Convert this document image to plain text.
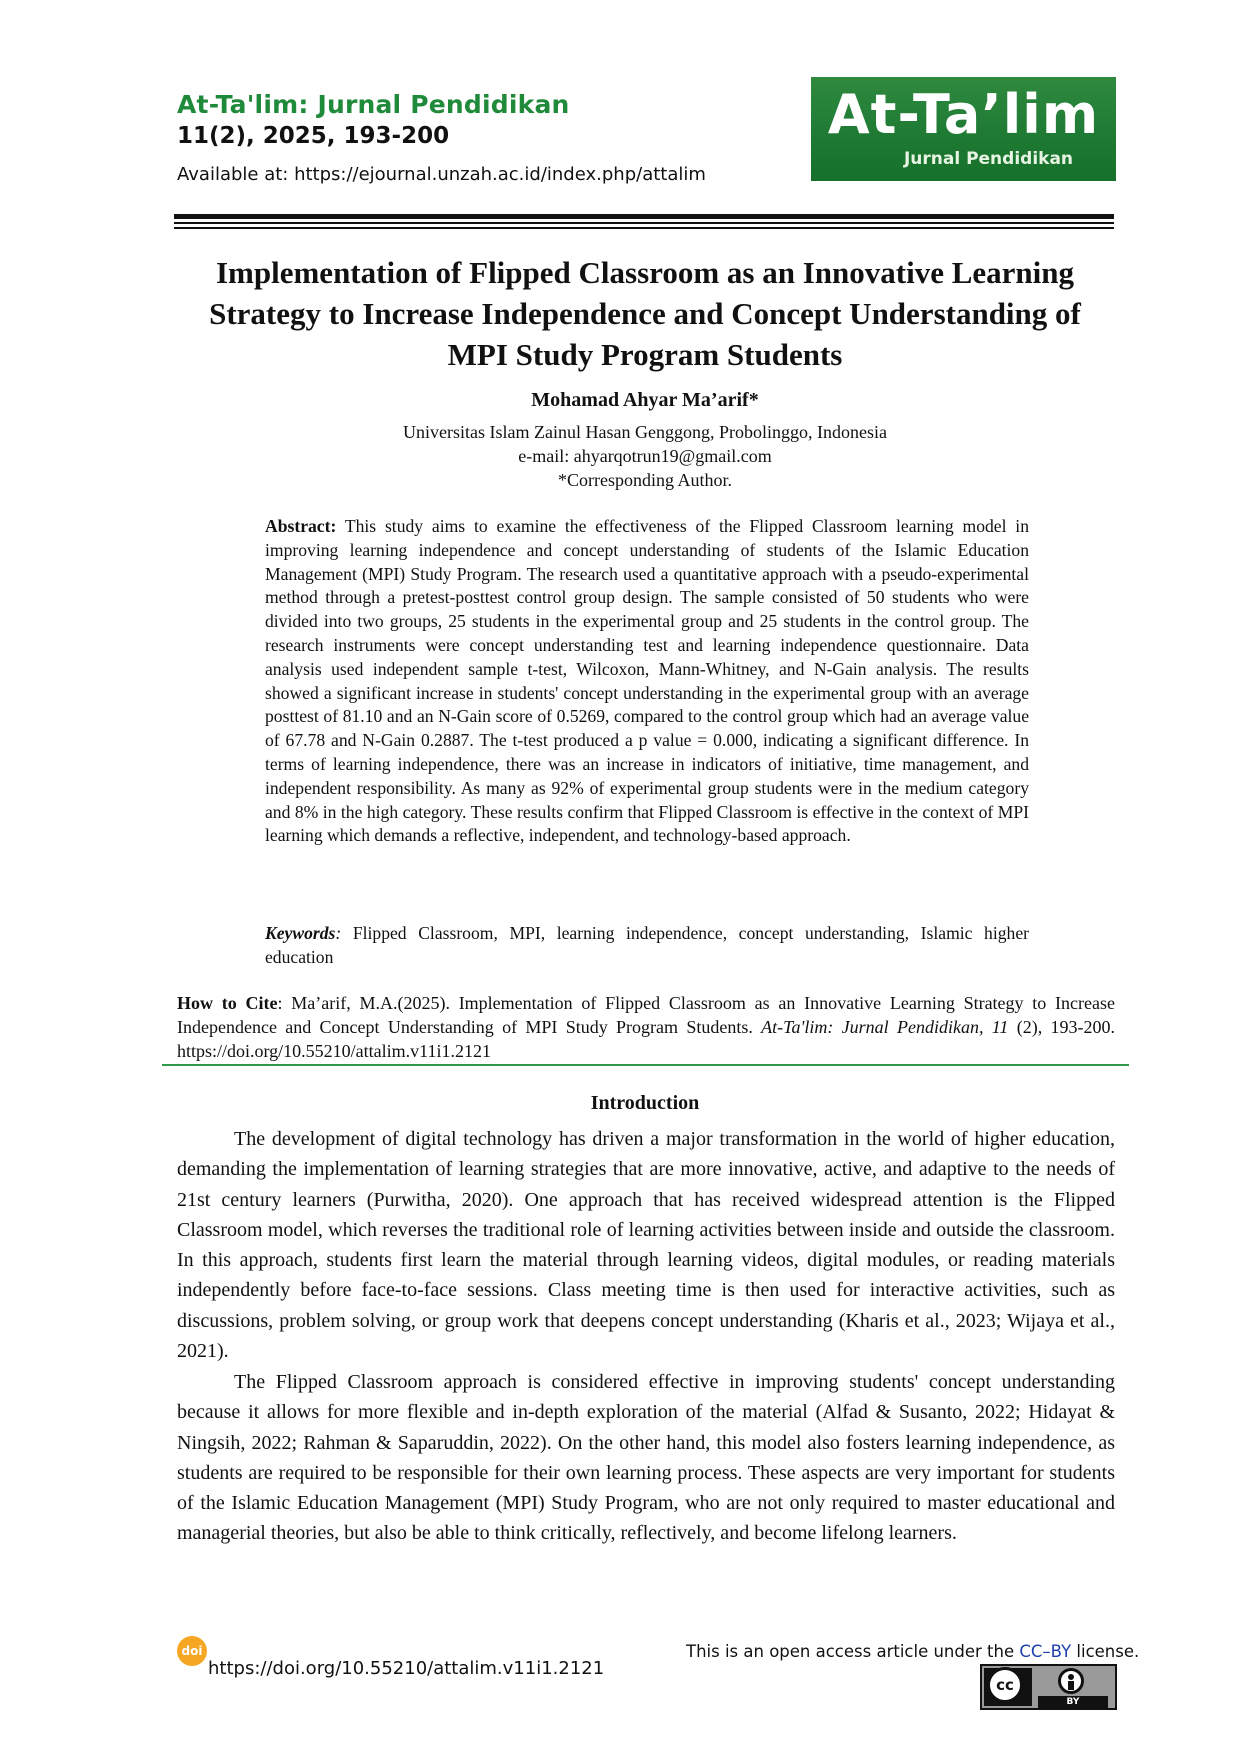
At-Ta'lim: Jurnal Pendidikan
11(2), 2025, 193-200
Available at: https://ejournal.unzah.ac.id/index.php/attalim
At-Ta’lim
Jurnal Pendidikan
Implementation of Flipped Classroom as an Innovative Learning
Strategy to Increase Independence and Concept Understanding of
MPI Study Program Students
Mohamad Ahyar Ma’arif*
Universitas Islam Zainul Hasan Genggong, Probolinggo, Indonesia
e-mail: ahyarqotrun19@gmail.com
*Corresponding Author.
Abstract: This study aims to examine the effectiveness of the Flipped Classroom learning model in improving learning independence and concept understanding of students of the Islamic Education Management (MPI) Study Program. The research used a quantitative approach with a pseudo-experimental method through a pretest-posttest control group design. The sample consisted of 50 students who were divided into two groups, 25 students in the experimental group and 25 students in the control group. The research instruments were concept understanding test and learning independence questionnaire. Data analysis used independent sample t-test, Wilcoxon, Mann-Whitney, and N-Gain analysis. The results showed a significant increase in students' concept understanding in the experimental group with an average posttest of 81.10 and an N-Gain score of 0.5269, compared to the control group which had an average value of 67.78 and N-Gain 0.2887. The t-test produced a p value = 0.000, indicating a significant difference. In terms of learning independence, there was an increase in indicators of initiative, time management, and independent responsibility. As many as 92% of experimental group students were in the medium category and 8% in the high category. These results confirm that Flipped Classroom is effective in the context of MPI learning which demands a reflective, independent, and technology-based approach.
Keywords: Flipped Classroom, MPI, learning independence, concept understanding, Islamic higher education
How to Cite: Ma’arif, M.A.(2025). Implementation of Flipped Classroom as an Innovative Learning Strategy to Increase Independence and Concept Understanding of MPI Study Program Students. At-Ta'lim: Jurnal Pendidikan, 11 (2), 193-200. https://doi.org/10.55210/attalim.v11i1.2121
Introduction
The development of digital technology has driven a major transformation in the world of higher education, demanding the implementation of learning strategies that are more innovative, active, and adaptive to the needs of 21st century learners (Purwitha, 2020). One approach that has received widespread attention is the Flipped Classroom model, which reverses the traditional role of learning activities between inside and outside the classroom. In this approach, students first learn the material through learning videos, digital modules, or reading materials independently before face-to-face sessions. Class meeting time is then used for interactive activities, such as discussions, problem solving, or group work that deepens concept understanding (Kharis et al., 2023; Wijaya et al., 2021).
The Flipped Classroom approach is considered effective in improving students' concept understanding because it allows for more flexible and in-depth exploration of the material (Alfad & Susanto, 2022; Hidayat & Ningsih, 2022; Rahman & Saparuddin, 2022). On the other hand, this model also fosters learning independence, as students are required to be responsible for their own learning process. These aspects are very important for students of the Islamic Education Management (MPI) Study Program, who are not only required to master educational and managerial theories, but also be able to think critically, reflectively, and become lifelong learners.
This is an open access article under the CC–BY license.
doi
https://doi.org/10.55210/attalim.v11i1.2121
cc
BY
